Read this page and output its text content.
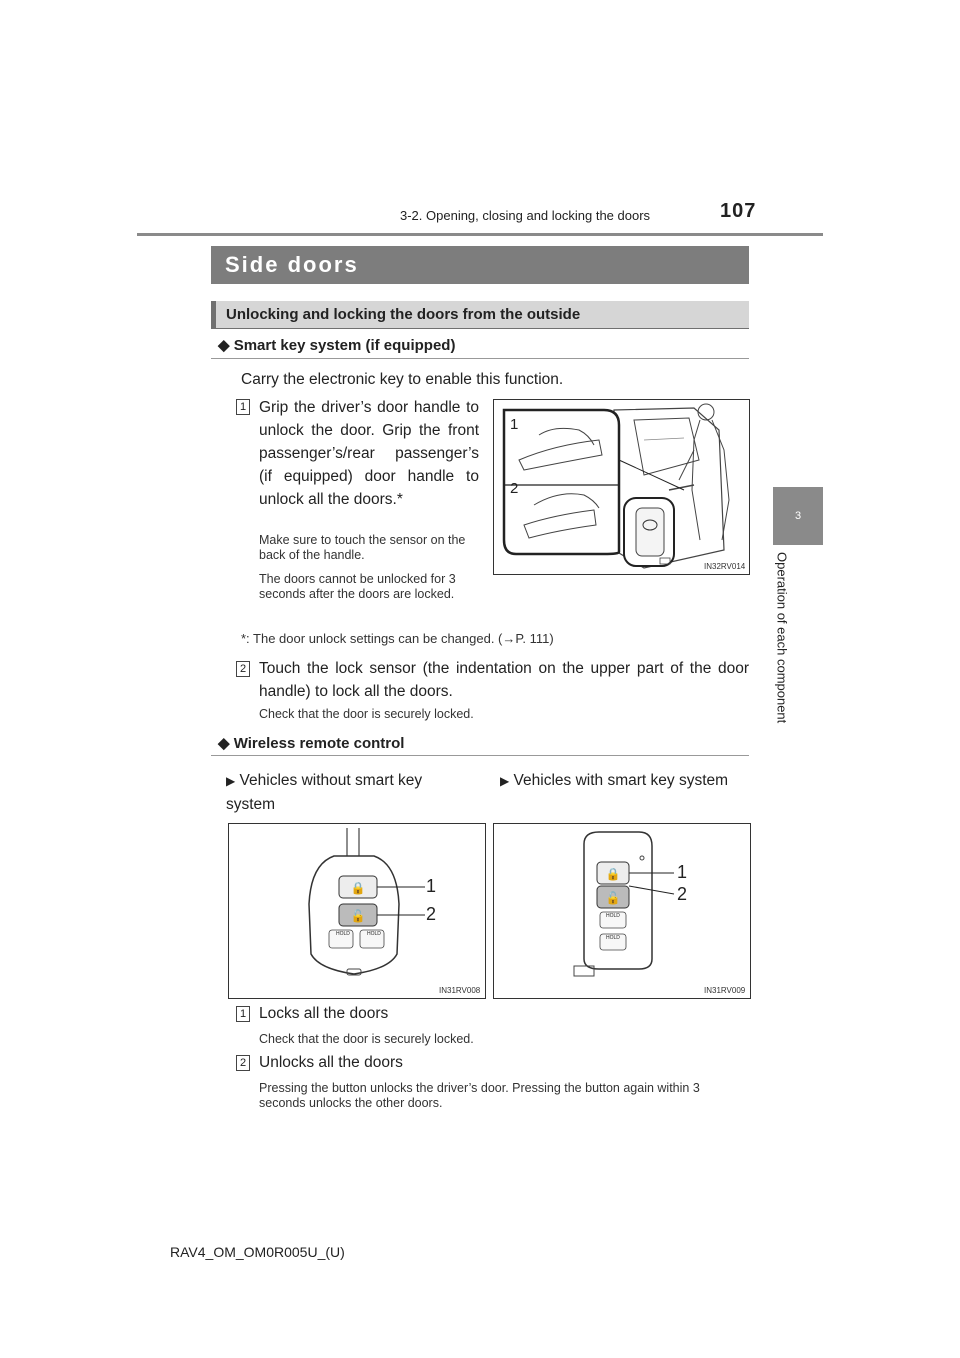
3-2. Opening, closing and locking the doors	107
3
Operation of each component
Side doors
Unlocking and locking the doors from the outside
◆ Smart key system (if equipped)
Carry the electronic key to enable this function.
1 Grip the driver’s door handle to unlock the door. Grip the front passenger’s/rear passenger’s (if equipped) door handle to unlock all the doors.*
Make sure to touch the sensor on the back of the handle.
The doors cannot be unlocked for 3 seconds after the doors are locked.
1
2
IN32RV014
*: The door unlock settings can be changed. (→P. 111)
2 Touch the lock sensor (the indentation on the upper part of the door handle) to lock all the doors.
Check that the door is securely locked.
◆ Wireless remote control
▶ Vehicles without smart key system
▶ Vehicles with smart key system
🔒
🔓
HOLD	HOLD
1
2
IN31RV008
🔒
🔓
HOLD
HOLD
1
2
IN31RV009
1 Locks all the doors
Check that the door is securely locked.
2 Unlocks all the doors
Pressing the button unlocks the driver’s door. Pressing the button again within 3 seconds unlocks the other doors.
RAV4_OM_OM0R005U_(U)
